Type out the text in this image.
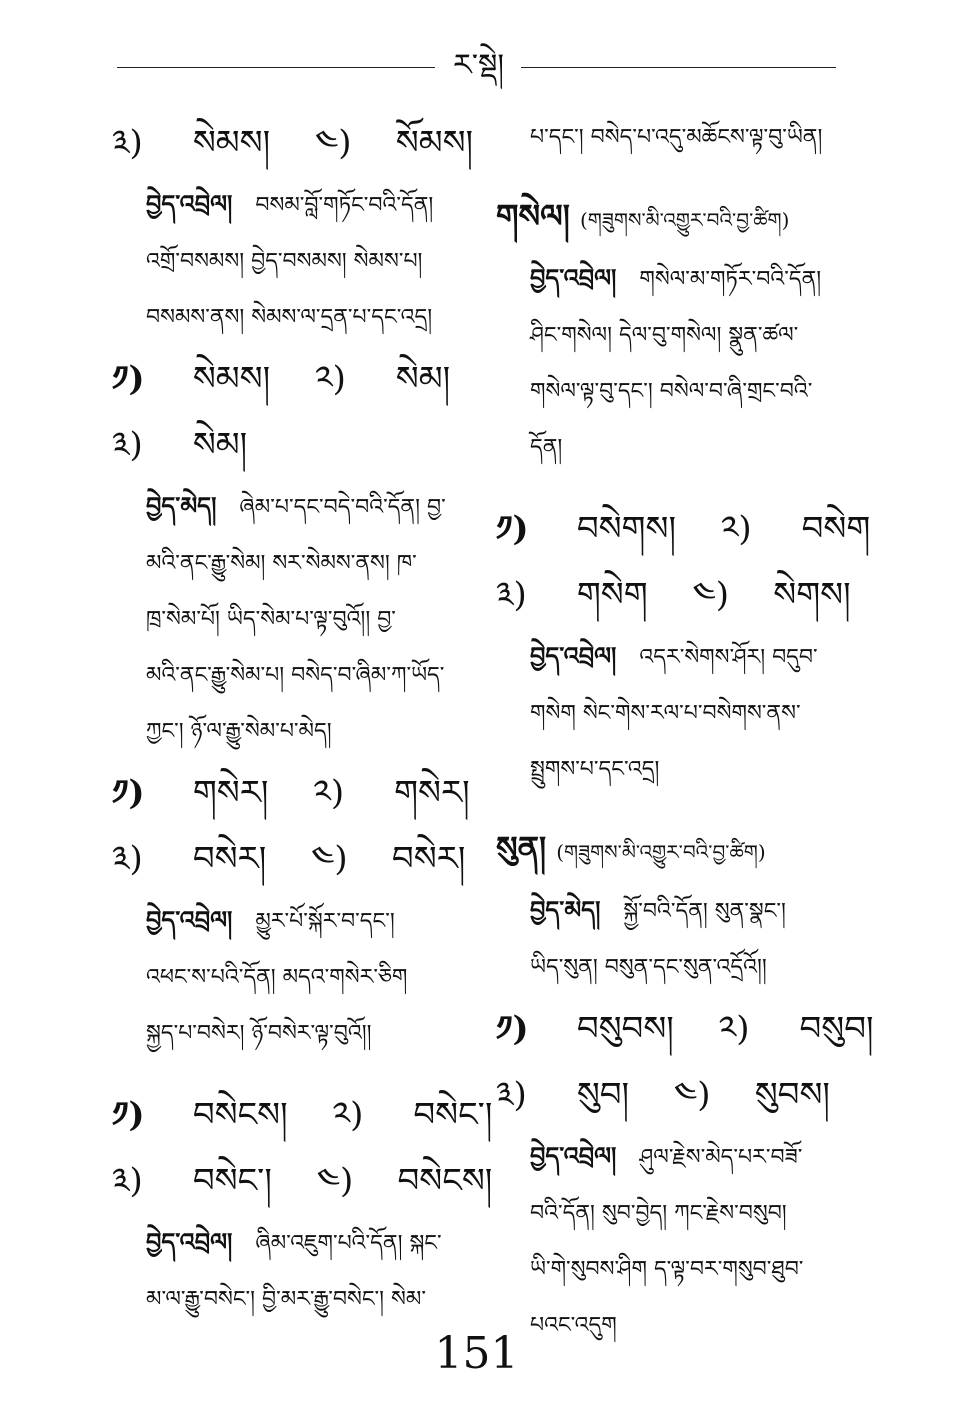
ར་སྡེ།
༣) སེམས། ༤) སོམས།
བྱེད་འབྲེལ། བསམ་བློ་གཏོང་བའི་དོན།
འགྲོ་བསམས། བྱེད་བསམས། སེམས་པ།
བསམས་ནས། སེམས་ལ་དྲན་པ་དང་འདྲ།
༡) སེམས། ༢) སེམ།
༣) སེམ།
བྱེད་མེད། ཞེམ་པ་དང་བདེ་བའི་དོན། བྱ་
མའི་ནང་རྒྱུ་སེམ། སར་སེམས་ནས། ཁ་
ཁྲ་སེམ་པོ། ཡིད་སེམ་པ་ལྟ་བུའོ།། བྱ་
མའི་ནང་རྒྱུ་སེམ་པ། བསེད་བ་ཞིམ་ཀ་ཡོད་
ཀྱང་། ཉོ་ལ་རྒྱུ་སེམ་པ་མེད།
༡) གསེར། ༢) གསེར།
༣) བསེར། ༤) བསེར།
བྱེད་འབྲེལ། མྱུར་པོ་སྐོར་བ་དང་།
འཕང་ས་པའི་དོན། མདའ་གསེར་ཅིག
སྐྱད་པ་བསེར། ཉོ་བསེར་ལྟ་བུའོ།།
༡) བསེངས། ༢) བསེང་།
༣) བསེང་། ༤) བསེངས།
བྱེད་འབྲེལ། ཞིམ་འཇུག་པའི་དོན། སྐང་
མ་ལ་རྒྱུ་བསེང་། བྱི་མར་རྒྱུ་བསེང་། སེམ་
པ་དང་། བསེད་པ་འདུ་མཆོངས་ལྟ་བུ་ཡིན།
གསེལ། (གཟུགས་མི་འགྱུར་བའི་བྱ་ཚིག)
བྱེད་འབྲེལ། གསེལ་མ་གཏོར་བའི་དོན།
ཤིང་གསེལ། དེལ་བུ་གསེལ། སྣུན་ཚལ་
གསེལ་ལྟ་བུ་དང་། བསེལ་བ་ཞི་གྲང་བའི་
དོན།
༡) བསེགས། ༢) བསེག
༣) གསེག ༤) སེགས།
བྱེད་འབྲེལ། འདར་སེགས་ཤོར། བདུབ་
གསེག སེང་གེས་རལ་པ་བསེགས་ནས་
སྤྲུགས་པ་དང་འདྲ།
སུན། (གཟུགས་མི་འགྱུར་བའི་བྱ་ཚིག)
བྱེད་མེད། སྐྱོ་བའི་དོན། སུན་སྣང་།
ཡིད་སུན། བསུན་དང་སུན་འདྲོའོ།།
༡) བསུབས། ༢) བསུབ།
༣) སུབ། ༤) སུབས།
བྱེད་འབྲེལ། ཤུལ་རྗེས་མེད་པར་བཟོ་
བའི་དོན། སུབ་བྱེད། ཀང་རྗེས་བསུབ།
ཡི་གེ་སུབས་ཤིག ད་ལྟ་བར་གསུབ་ཐུབ་
པའང་འདུག
151
